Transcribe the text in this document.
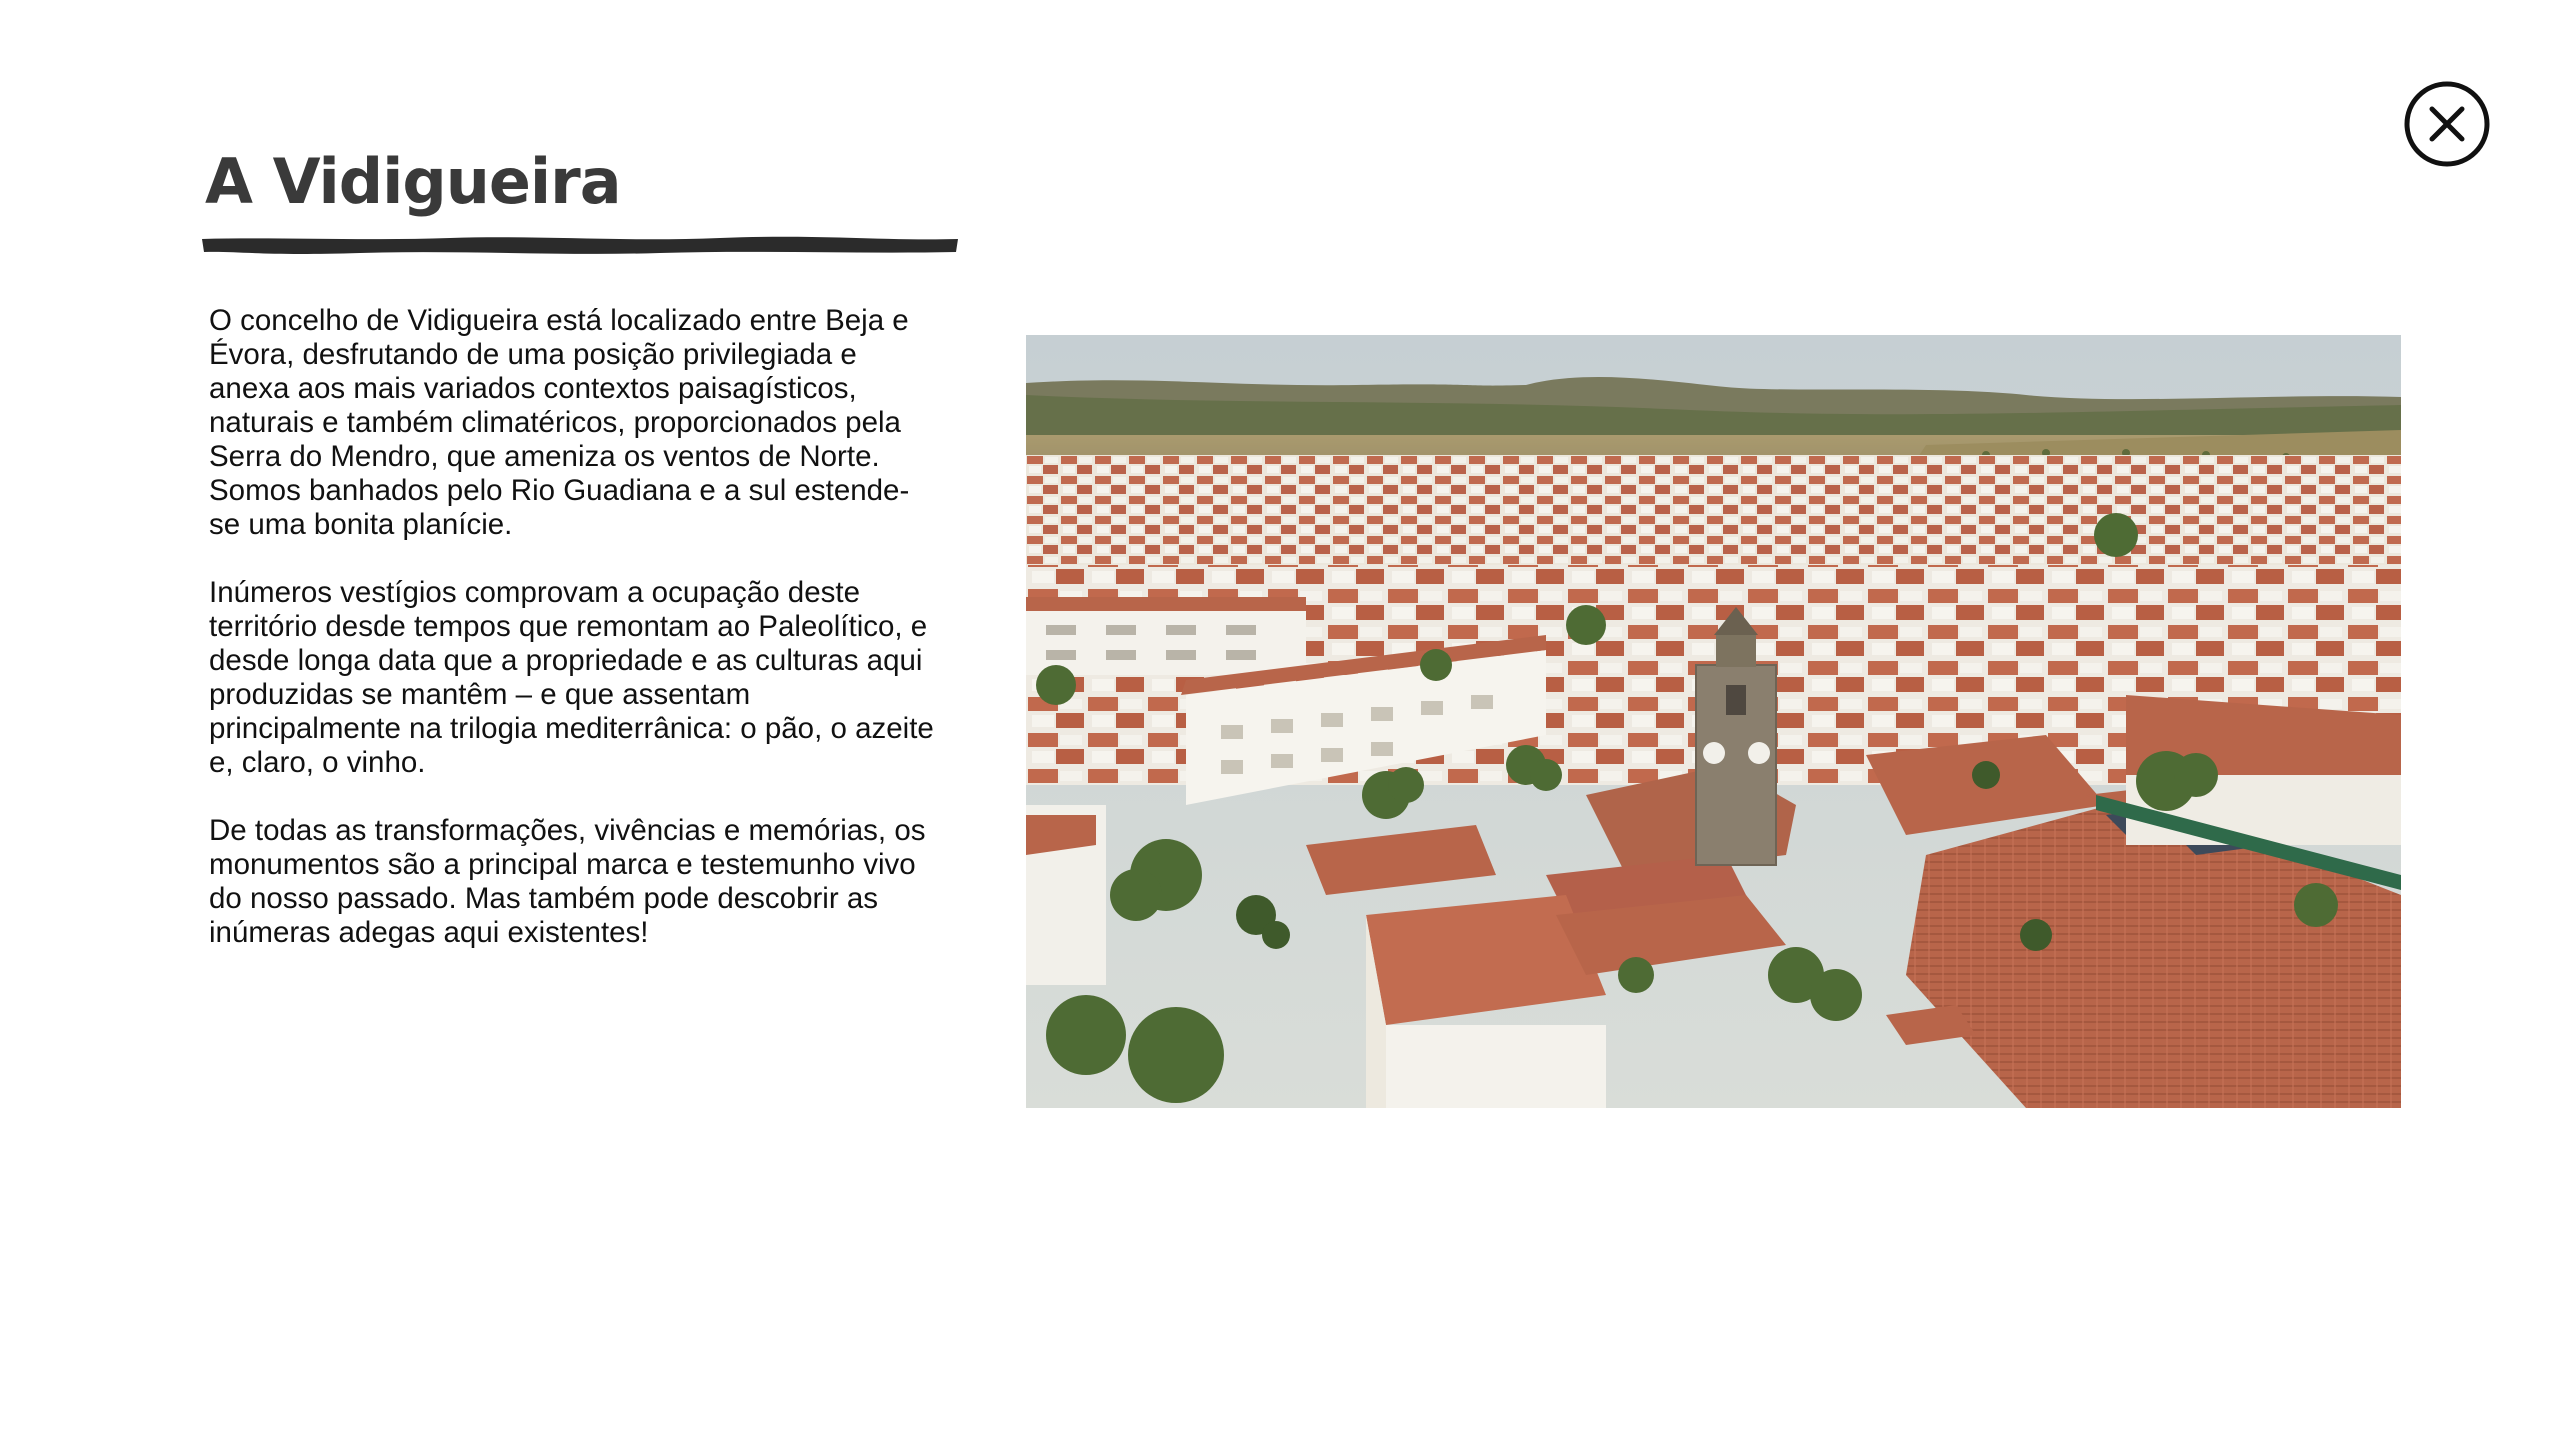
A Vidigueira

O concelho de Vidigueira está localizado entre Beja e Évora, desfrutando de uma posição privilegiada e anexa aos mais variados contextos paisagísticos, naturais e também climatéricos, proporcionados pela Serra do Mendro, que ameniza os ventos de Norte. Somos banhados pelo Rio Guadiana e a sul estende-se uma bonita planície.

Inúmeros vestígios comprovam a ocupação deste território desde tempos que remontam ao Paleolítico, e desde longa data que a propriedade e as culturas aqui produzidas se mantêm – e que assentam principalmente na trilogia mediterrânica: o pão, o azeite e, claro, o vinho.

De todas as transformações, vivências e memórias, os monumentos são a principal marca e testemunho vivo do nosso passado. Mas também pode descobrir as inúmeras adegas aqui existentes!
